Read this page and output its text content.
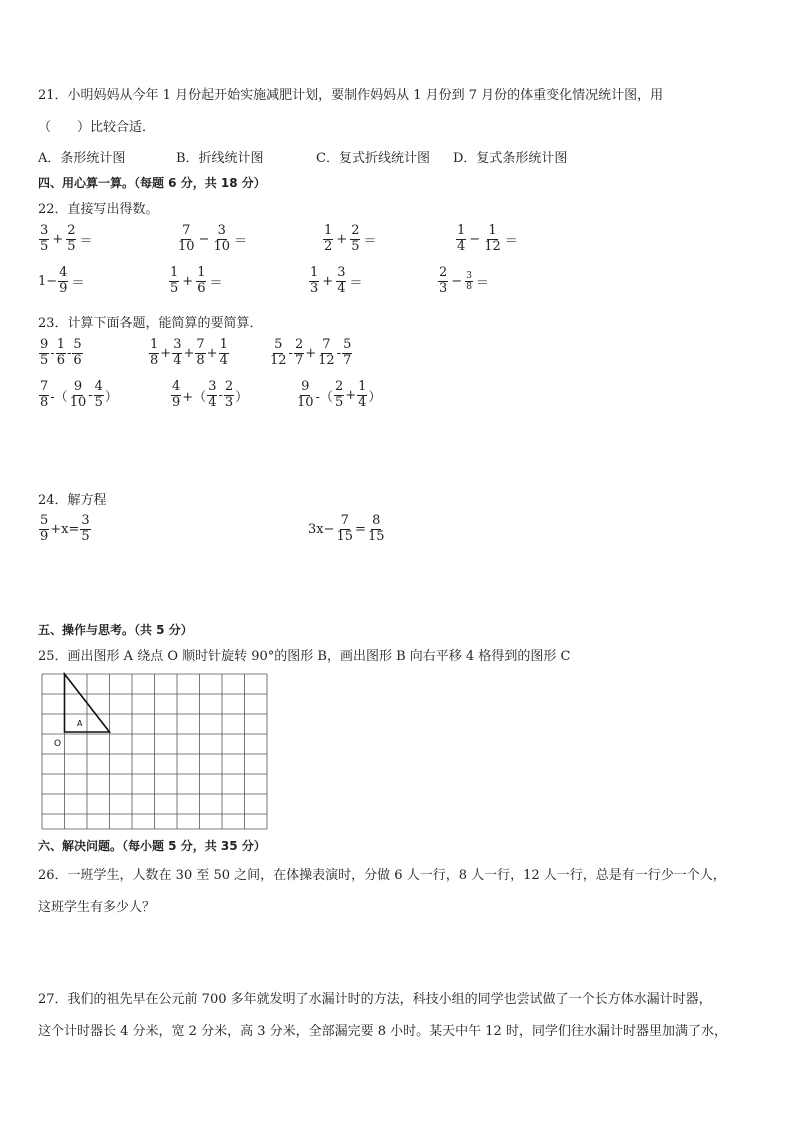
21．小明妈妈从今年 1 月份起开始实施减肥计划，要制作妈妈从 1 月份到 7 月份的体重变化情况统计图，用
（　　）比较合适．
A．条形统计图	B．折线统计图	C．复式折线统计图 D．复式条形统计图
四、用心算一算。（每题 6 分，共 18 分）
22．直接写出得数。
$\frac{3}{5} + \frac{2}{5}$ ＝	$\frac{7}{10} - \frac{3}{10}$ ＝	$\frac{1}{2} + \frac{2}{5}$ ＝	$\frac{1}{4} - \frac{1}{12}$ ＝
$1- \frac{4}{9}$ ＝	$\frac{1}{5} + \frac{1}{6}$ ＝	$\frac{1}{3} + \frac{3}{4}$ ＝	$\frac{2}{3} - \frac{3}{8}$ ＝
23．计算下面各题，能简算的要简算．
$\frac{9}{5} - \frac{1}{6} - \frac{5}{6}$	$\frac{1}{8} + \frac{3}{4} + \frac{7}{8} + \frac{1}{4}$	$\frac{5}{12} - \frac{2}{7} + \frac{7}{12} - \frac{5}{7}$
$\frac{7}{8}$ -（ $\frac{9}{10} - \frac{4}{5}$ ）	$\frac{4}{9}$ +（ $\frac{3}{4} - \frac{2}{3}$ ）	$\frac{9}{10}$ -（ $\frac{2}{5} + \frac{1}{4}$ ）
24．解方程
$\frac{5}{9} +x= \frac{3}{5}$	$3x- \frac{7}{15} = \frac{8}{15}$
五、操作与思考。（共 5 分）
25．画出图形 A 绕点 O 顺时针旋转 90°的图形 B，画出图形 B 向右平移 4 格得到的图形 C
A
O
六、解决问题。（每小题 5 分，共 35 分）
26．一班学生，人数在 30 至 50 之间，在体操表演时，分做 6 人一行，8 人一行，12 人一行，总是有一行少一个人，
这班学生有多少人？
27．我们的祖先早在公元前 700 多年就发明了水漏计时的方法，科技小组的同学也尝试做了一个长方体水漏计时器，
这个计时器长 4 分米，宽 2 分米，高 3 分米，全部漏完要 8 小时。某天中午 12 时，同学们往水漏计时器里加满了水，
